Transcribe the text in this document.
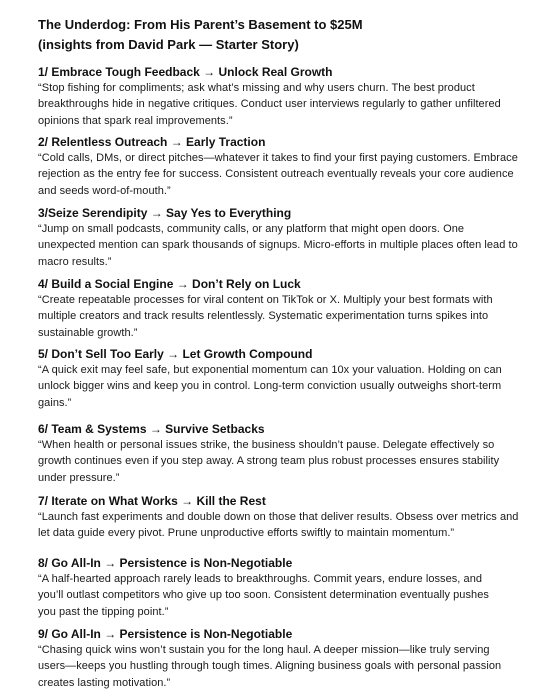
The Underdog: From His Parent’s Basement to $25M
(insights from David Park — Starter Story)

1/ Embrace Tough Feedback → Unlock Real Growth

“Stop fishing for compliments; ask what’s missing and why users churn. The best product
breakthroughs hide in negative critiques. Conduct user interviews regularly to gather unfiltered
opinions that spark real improvements.”

2/ Relentless Outreach → Early Traction

“Cold calls, DMs, or direct pitches—whatever it takes to find your first paying customers. Embrace
rejection as the entry fee for success. Consistent outreach eventually reveals your core audience
and seeds word-of-mouth.”

3/Seize Serendipity → Say Yes to Everything

“Jump on small podcasts, community calls, or any platform that might open doors. One
unexpected mention can spark thousands of signups. Micro-efforts in multiple places often lead to
macro results.”

4/ Build a Social Engine → Don’t Rely on Luck

“Create repeatable processes for viral content on TikTok or X. Multiply your best formats with
multiple creators and track results relentlessly. Systematic experimentation turns spikes into
sustainable growth.”

5/ Don’t Sell Too Early → Let Growth Compound

“A quick exit may feel safe, but exponential momentum can 10x your valuation. Holding on can
unlock bigger wins and keep you in control. Long-term conviction usually outweighs short-term
gains.”

6/ Team & Systems → Survive Setbacks

“When health or personal issues strike, the business shouldn’t pause. Delegate effectively so
growth continues even if you step away. A strong team plus robust processes ensures stability
under pressure.”

7/ Iterate on What Works → Kill the Rest

“Launch fast experiments and double down on those that deliver results. Obsess over metrics and
let data guide every pivot. Prune unproductive efforts swiftly to maintain momentum.”

8/ Go All-In → Persistence is Non-Negotiable

“A half-hearted approach rarely leads to breakthroughs. Commit years, endure losses, and
you’ll outlast competitors who give up too soon. Consistent determination eventually pushes
you past the tipping point.”

9/ Go All-In → Persistence is Non-Negotiable

“Chasing quick wins won’t sustain you for the long haul. A deeper mission—like truly serving
users—keeps you hustling through tough times. Aligning business goals with personal passion
creates lasting motivation.”
